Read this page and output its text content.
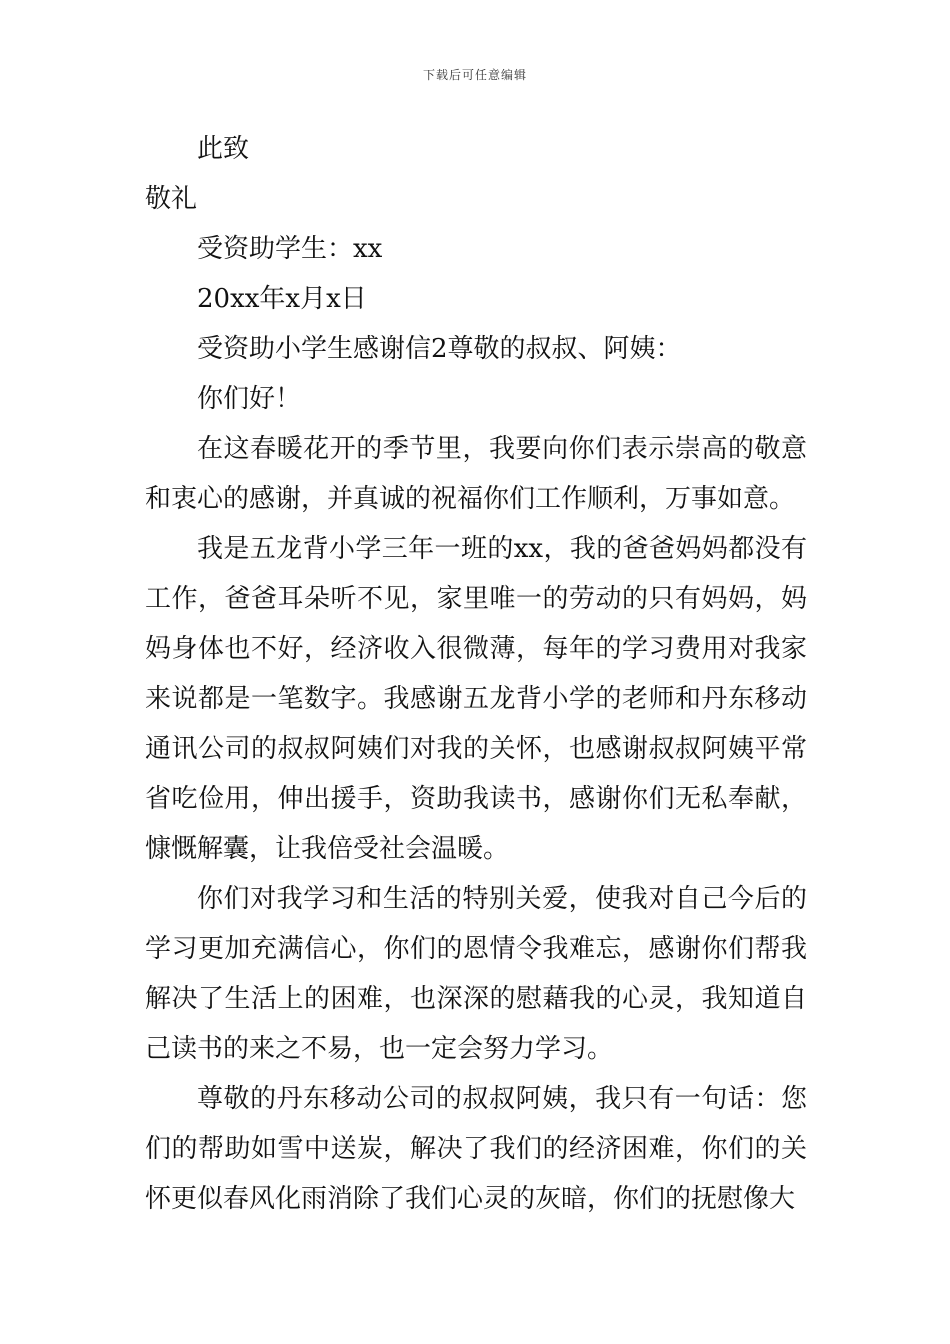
下载后可任意编辑

此致

敬礼

受资助学生：xx

20xx年x月x日

受资助小学生感谢信2尊敬的叔叔、阿姨：

你们好！

在这春暖花开的季节里，我要向你们表示崇高的敬意和衷心的感谢，并真诚的祝福你们工作顺利，万事如意。

我是五龙背小学三年一班的xx，我的爸爸妈妈都没有工作，爸爸耳朵听不见，家里唯一的劳动的只有妈妈，妈妈身体也不好，经济收入很微薄，每年的学习费用对我家来说都是一笔数字。我感谢五龙背小学的老师和丹东移动通讯公司的叔叔阿姨们对我的关怀，也感谢叔叔阿姨平常省吃俭用，伸出援手，资助我读书，感谢你们无私奉献，慷慨解囊，让我倍受社会温暖。

你们对我学习和生活的特别关爱，使我对自己今后的学习更加充满信心，你们的恩情令我难忘，感谢你们帮我解决了生活上的困难，也深深的慰藉我的心灵，我知道自己读书的来之不易，也一定会努力学习。

尊敬的丹东移动公司的叔叔阿姨，我只有一句话：您们的帮助如雪中送炭，解决了我们的经济困难，你们的关怀更似春风化雨消除了我们心灵的灰暗，你们的抚慰像大
